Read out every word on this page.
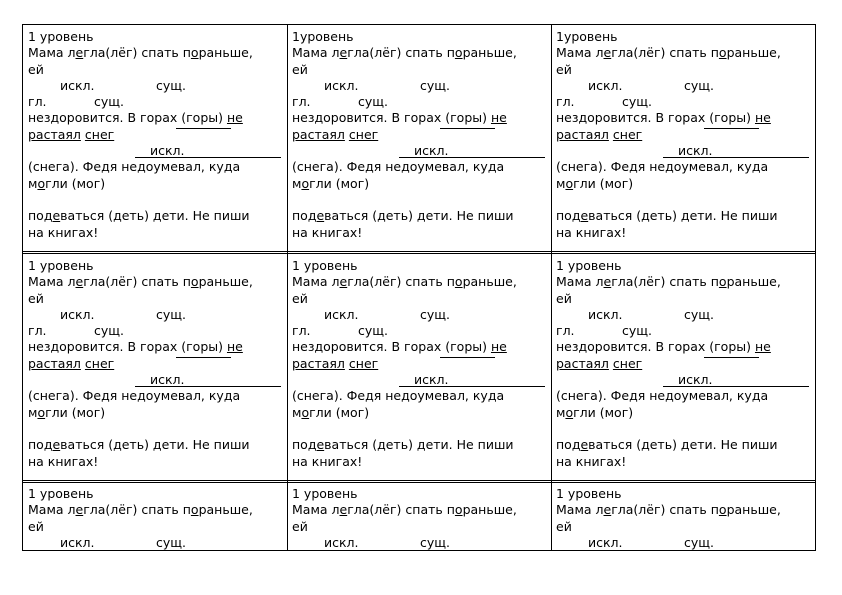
1 уровень
Мама легла(лёг) спать пораньше,
ей
искл.	сущ.
гл.	сущ.
нездоровится. В горах (горы) не
растаял снег
искл.
(снега). Федя недоумевал, куда
могли (мог)
подеваться (деть) дети. Не пиши
на книгах!
1уровень
Мама легла(лёг) спать пораньше,
ей
искл.	сущ.
гл.	сущ.
нездоровится. В горах (горы) не
растаял снег
искл.
(снега). Федя недоумевал, куда
могли (мог)
подеваться (деть) дети. Не пиши
на книгах!
1уровень
Мама легла(лёг) спать пораньше,
ей
искл.	сущ.
гл.	сущ.
нездоровится. В горах (горы) не
растаял снег
искл.
(снега). Федя недоумевал, куда
могли (мог)
подеваться (деть) дети. Не пиши
на книгах!
1 уровень
Мама легла(лёг) спать пораньше,
ей
искл.	сущ.
гл.	сущ.
нездоровится. В горах (горы) не
растаял снег
искл.
(снега). Федя недоумевал, куда
могли (мог)
подеваться (деть) дети. Не пиши
на книгах!
1 уровень
Мама легла(лёг) спать пораньше,
ей
искл.	сущ.
гл.	сущ.
нездоровится. В горах (горы) не
растаял снег
искл.
(снега). Федя недоумевал, куда
могли (мог)
подеваться (деть) дети. Не пиши
на книгах!
1 уровень
Мама легла(лёг) спать пораньше,
ей
искл.	сущ.
гл.	сущ.
нездоровится. В горах (горы) не
растаял снег
искл.
(снега). Федя недоумевал, куда
могли (мог)
подеваться (деть) дети. Не пиши
на книгах!
1 уровень
Мама легла(лёг) спать пораньше,
ей
искл.	сущ.
1 уровень
Мама легла(лёг) спать пораньше,
ей
искл.	сущ.
1 уровень
Мама легла(лёг) спать пораньше,
ей
искл.	сущ.
